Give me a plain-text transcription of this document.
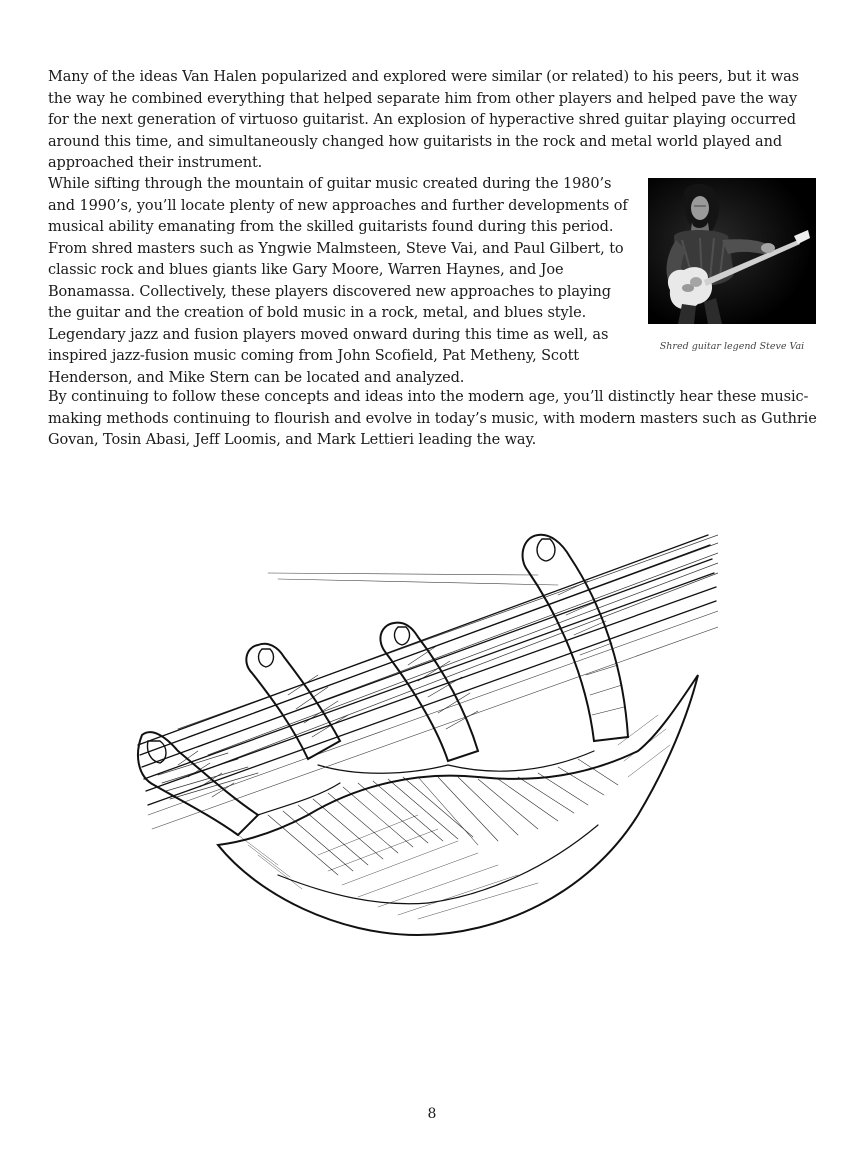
Many of the ideas Van Halen popularized and explored were similar (or related) to his peers, but it was the way he combined everything that helped separate him from other players and helped pave the way for the next generation of virtuoso guitarist. An explosion of hyperactive shred guitar playing occurred around this time, and simultaneously changed how guitarists in the rock and metal world played and approached their instrument.

While sifting through the mountain of guitar music created during the 1980’s and 1990’s, you’ll locate plenty of new approaches and further developments of musical ability emanating from the skilled guitarists found during this period. From shred masters such as Yngwie Malmsteen, Steve Vai, and Paul Gilbert, to classic rock and blues giants like Gary Moore, Warren Haynes, and Joe Bonamassa. Collectively, these players discovered new approaches to playing the guitar and the creation of bold music in a rock, metal, and blues style. Legendary jazz and fusion players moved onward during this time as well, as inspired jazz-fusion music coming from John Scofield, Pat Metheny, Scott Henderson, and Mike Stern can be located and analyzed.

Shred guitar legend Steve Vai

By continuing to follow these concepts and ideas into the modern age, you’ll distinctly hear these music-making methods continuing to flourish and evolve in today’s music, with modern masters such as Guthrie Govan, Tosin Abasi, Jeff Loomis, and Mark Lettieri leading the way.

8
